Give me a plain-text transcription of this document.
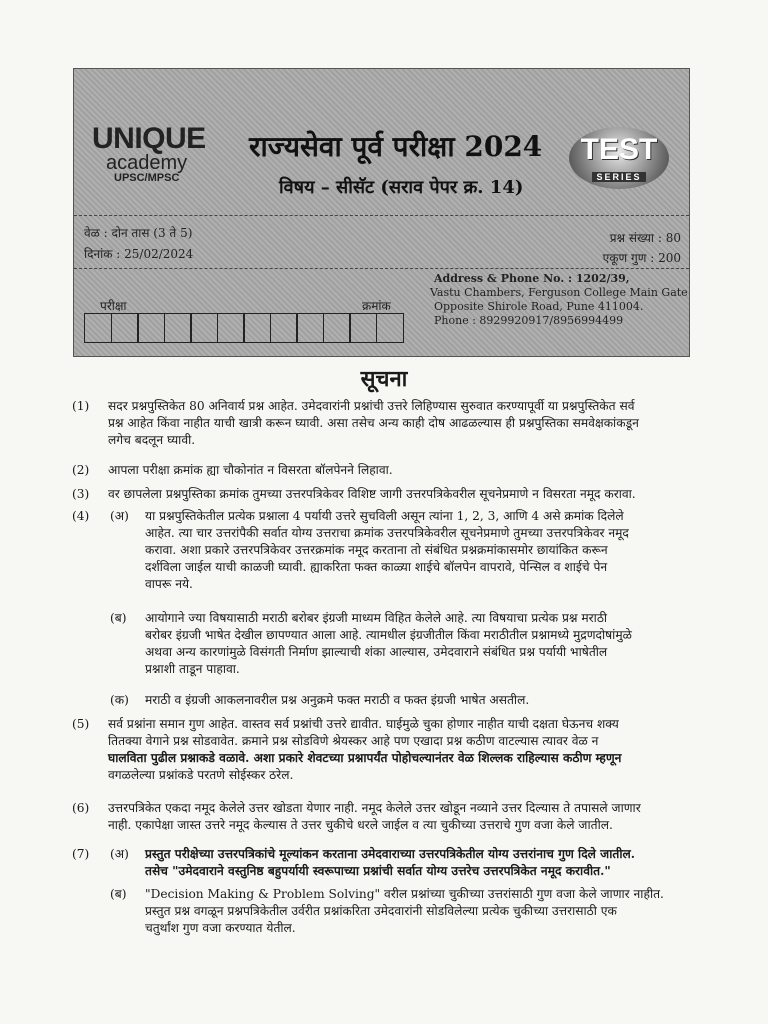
UNIQUE
academy
UPSC/MPSC
राज्यसेवा पूर्व परीक्षा 2024
विषय – सीसॅट (सराव पेपर क्र. 14)
TEST
SERIES
वेळ : दोन तास (3 ते 5)
दिनांक : 25/02/2024
प्रश्न संख्या : 80
एकूण गुण : 200
परीक्षा	क्रमांक
Address & Phone No. : 1202/39,
Vastu Chambers, Ferguson College Main Gate
Opposite Shirole Road, Pune 411004.
Phone : 8929920917/8956994499
सूचना
(1) सदर प्रश्नपुस्तिकेत 80 अनिवार्य प्रश्न आहेत. उमेदवारांनी प्रश्नांची उत्तरे लिहिण्यास सुरुवात करण्यापूर्वी या प्रश्नपुस्तिकेत सर्व
प्रश्न आहेत किंवा नाहीत याची खात्री करून घ्यावी. असा तसेच अन्य काही दोष आढळल्यास ही प्रश्नपुस्तिका समवेक्षकांकडून
लगेच बदलून घ्यावी.
(2) आपला परीक्षा क्रमांक ह्या चौकोनांत न विसरता बॉलपेनने लिहावा.
(3) वर छापलेला प्रश्नपुस्तिका क्रमांक तुमच्या उत्तरपत्रिकेवर विशिष्ट जागी उत्तरपत्रिकेवरील सूचनेप्रमाणे न विसरता नमूद करावा.
(4) (अ) या प्रश्नपुस्तिकेतील प्रत्येक प्रश्नाला 4 पर्यायी उत्तरे सुचविली असून त्यांना 1, 2, 3, आणि 4 असे क्रमांक दिलेले
आहेत. त्या चार उत्तरांपैकी सर्वात योग्य उत्तराचा क्रमांक उत्तरपत्रिकेवरील सूचनेप्रमाणे तुमच्या उत्तरपत्रिकेवर नमूद
करावा. अशा प्रकारे उत्तरपत्रिकेवर उत्तरक्रमांक नमूद करताना तो संबंधित प्रश्नक्रमांकासमोर छायांकित करून
दर्शविला जाईल याची काळजी घ्यावी. ह्याकरिता फक्त काळ्या शाईचे बॉलपेन वापरावे, पेन्सिल व शाईचे पेन
वापरू नये.
(ब) आयोगाने ज्या विषयासाठी मराठी बरोबर इंग्रजी माध्यम विहित केलेले आहे. त्या विषयाचा प्रत्येक प्रश्न मराठी
बरोबर इंग्रजी भाषेत देखील छापण्यात आला आहे. त्यामधील इंग्रजीतील किंवा मराठीतील प्रश्नामध्ये मुद्रणदोषांमुळे
अथवा अन्य कारणांमुळे विसंगती निर्माण झाल्याची शंका आल्यास, उमेदवाराने संबंधित प्रश्न पर्यायी भाषेतील
प्रश्नाशी ताडून पाहावा.
(क) मराठी व इंग्रजी आकलनावरील प्रश्न अनुक्रमे फक्त मराठी व फक्त इंग्रजी भाषेत असतील.
(5) सर्व प्रश्नांना समान गुण आहेत. वास्तव सर्व प्रश्नांची उत्तरे द्यावीत. घाईमुळे चुका होणार नाहीत याची दक्षता घेऊनच शक्य
तितक्या वेगाने प्रश्न सोडवावेत. क्रमाने प्रश्न सोडविणे श्रेयस्कर आहे पण एखादा प्रश्न कठीण वाटल्यास त्यावर वेळ न
घालविता पुढील प्रश्नाकडे वळावे. अशा प्रकारे शेवटच्या प्रश्नापर्यंत पोहोचल्यानंतर वेळ शिल्लक राहिल्यास कठीण म्हणून
वगळलेल्या प्रश्नांकडे परतणे सोईस्कर ठरेल.
(6) उत्तरपत्रिकेत एकदा नमूद केलेले उत्तर खोडता येणार नाही. नमूद केलेले उत्तर खोडून नव्याने उत्तर दिल्यास ते तपासले जाणार
नाही. एकापेक्षा जास्त उत्तरे नमूद केल्यास ते उत्तर चुकीचे धरले जाईल व त्या चुकीच्या उत्तराचे गुण वजा केले जातील.
(7) (अ) प्रस्तुत परीक्षेच्या उत्तरपत्रिकांचे मूल्यांकन करताना उमेदवाराच्या उत्तरपत्रिकेतील योग्य उत्तरांनाच गुण दिले जातील.
तसेच "उमेदवाराने वस्तुनिष्ठ बहुपर्यायी स्वरूपाच्या प्रश्नांची सर्वात योग्य उत्तरेच उत्तरपत्रिकेत नमूद करावीत."
(ब) "Decision Making & Problem Solving" वरील प्रश्नांच्या चुकीच्या उत्तरांसाठी गुण वजा केले जाणार नाहीत.
प्रस्तुत प्रश्न वगळून प्रश्नपत्रिकेतील उर्वरीत प्रश्नांकरिता उमेदवारांनी सोडविलेल्या प्रत्येक चुकीच्या उत्तरासाठी एक
चतुर्थांश गुण वजा करण्यात येतील.
